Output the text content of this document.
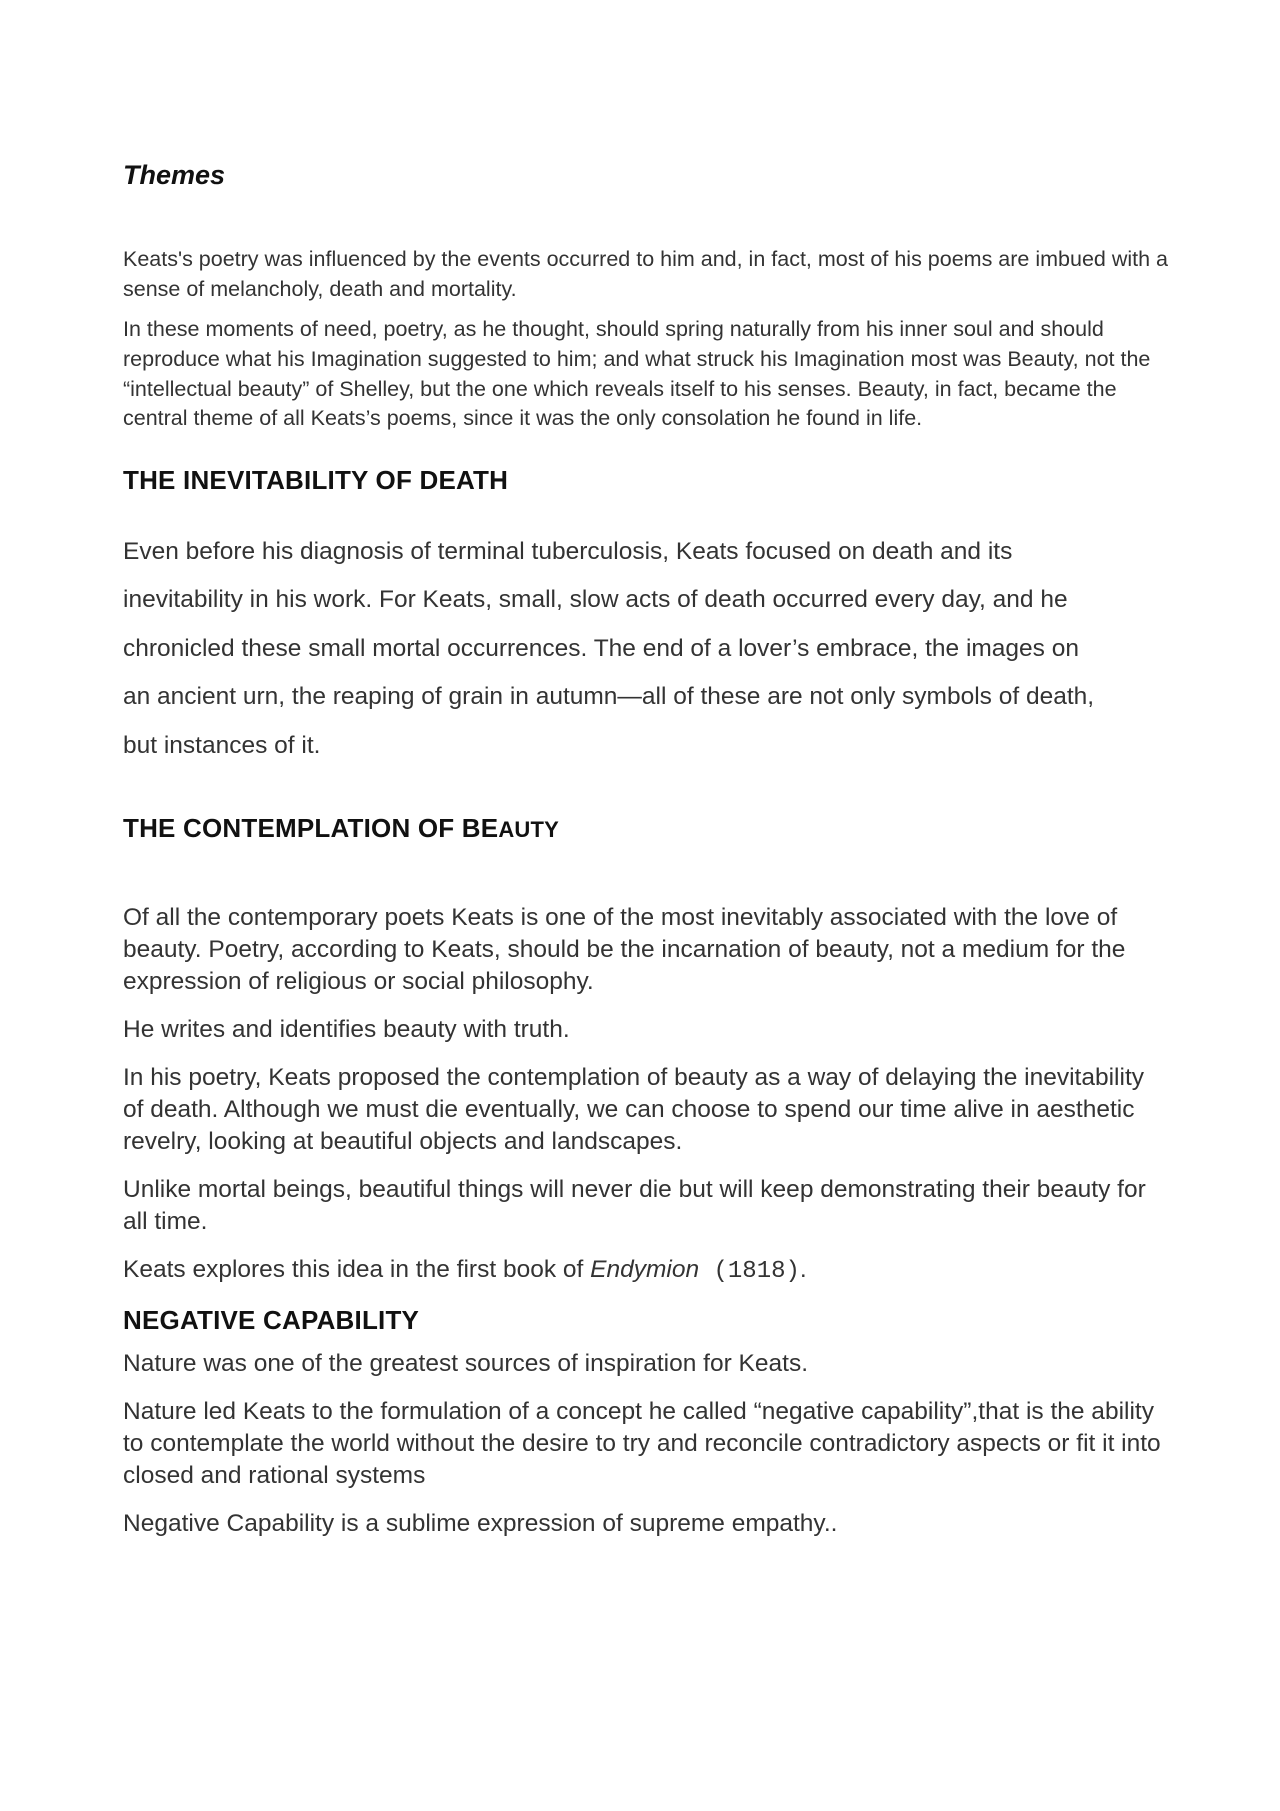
Themes

Keats's poetry was influenced by the events occurred to him and, in fact, most of his poems are imbued with a sense of melancholy, death and mortality.

In these moments of need, poetry, as he thought, should spring naturally from his inner soul and should reproduce what his Imagination suggested to him; and what struck his Imagination most was Beauty, not the “intellectual beauty” of Shelley, but the one which reveals itself to his senses. Beauty, in fact, became the central theme of all Keats’s poems, since it was the only consolation he found in life.

THE INEVITABILITY OF DEATH

Even before his diagnosis of terminal tuberculosis, Keats focused on death and its
inevitability in his work. For Keats, small, slow acts of death occurred every day, and he
chronicled these small mortal occurrences. The end of a lover’s embrace, the images on
an ancient urn, the reaping of grain in autumn—all of these are not only symbols of death,
but instances of it.

THE CONTEMPLATION OF BEAUTY

Of all the contemporary poets Keats is one of the most inevitably associated with the love of beauty. Poetry, according to Keats, should be the incarnation of beauty, not a medium for the expression of religious or social philosophy.

He writes and identifies beauty with truth.

In his poetry, Keats proposed the contemplation of beauty as a way of delaying the inevitability of death. Although we must die eventually, we can choose to spend our time alive in aesthetic revelry, looking at beautiful objects and landscapes.

Unlike mortal beings, beautiful things will never die but will keep demonstrating their beauty for all time.

Keats explores this idea in the first book of Endymion (1818).

NEGATIVE CAPABILITY

Nature was one of the greatest sources of inspiration for Keats.

Nature led Keats to the formulation of a concept he called “negative capability”,that is the ability to contemplate the world without the desire to try and reconcile contradictory aspects or fit it into closed and rational systems

Negative Capability is a sublime expression of supreme empathy..
